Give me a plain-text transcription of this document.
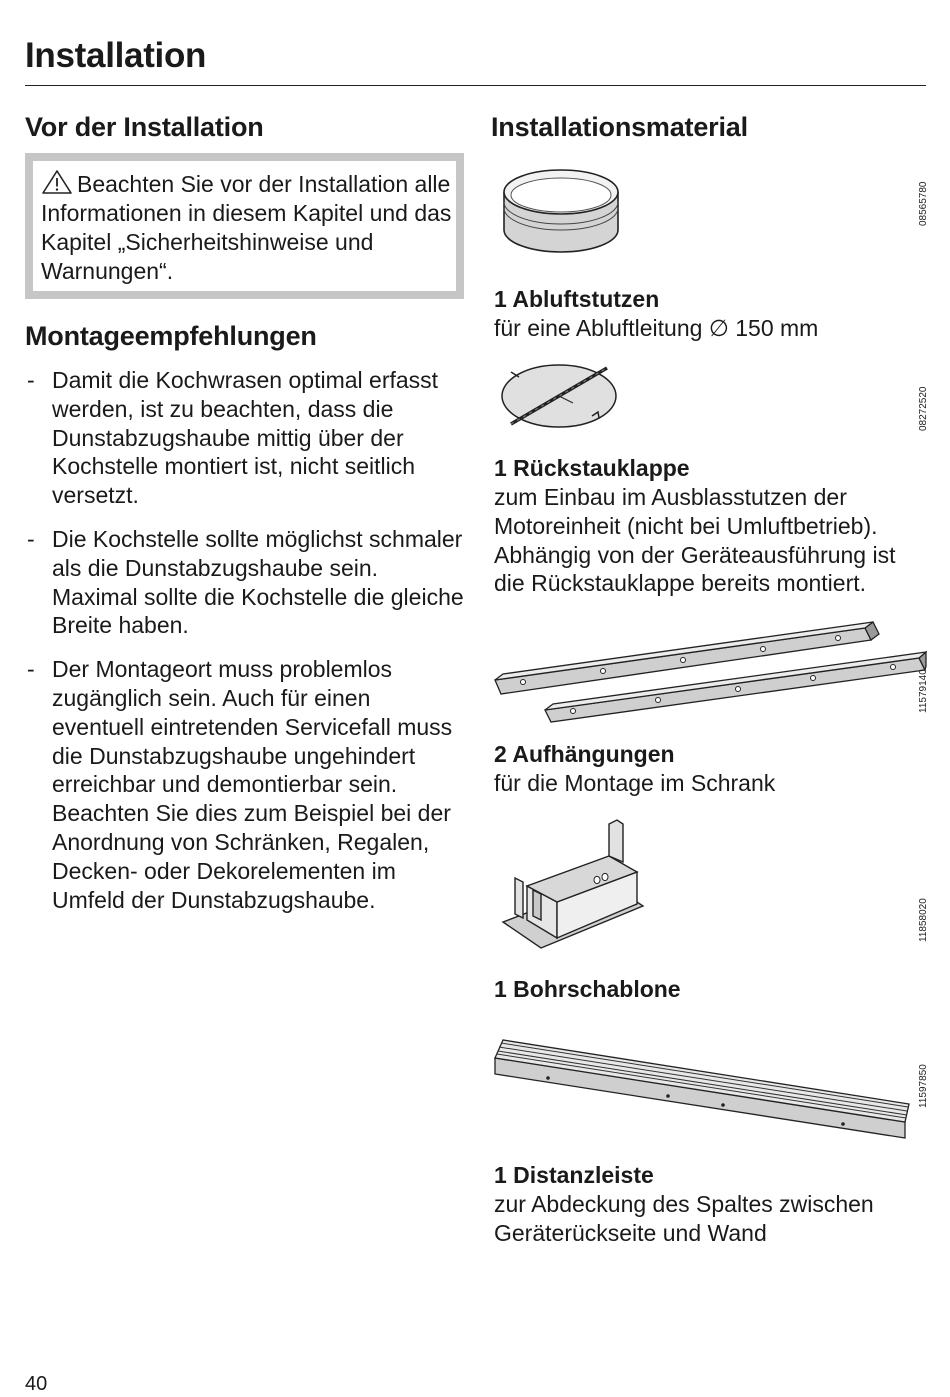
Installation
Vor der Installation

Beachten Sie vor der Installation alle Informationen in diesem Kapitel und das Kapitel „Sicherheitshinweise und Warnungen“.

Montageempfehlungen
- Damit die Kochwrasen optimal erfasst werden, ist zu beachten, dass die Dunstabzugshaube mittig über der Kochstelle montiert ist, nicht seitlich versetzt.
- Die Kochstelle sollte möglichst schmaler als die Dunstabzugshaube sein. Maximal sollte die Kochstelle die gleiche Breite haben.
- Der Montageort muss problemlos zugänglich sein. Auch für einen eventuell eintretenden Servicefall muss die Dunstabzugshaube ungehindert erreichbar und demontierbar sein. Beachten Sie dies zum Beispiel bei der Anordnung von Schränken, Regalen, Decken- oder Dekorelementen im Umfeld der Dunstabzugshaube.
Installationsmaterial
08565780

1 Abluftstutzen

für eine Abluftleitung ∅ 150 mm

08272520

1 Rückstauklappe

zum Einbau im Ausblasstutzen der Motoreinheit (nicht bei Umluftbetrieb). Abhängig von der Geräteausführung ist die Rückstauklappe bereits montiert.

11579140

2 Aufhängungen

für die Montage im Schrank

11858020

1 Bohrschablone

11597850

1 Distanzleiste

zur Abdeckung des Spaltes zwischen Geräterückseite und Wand

40
